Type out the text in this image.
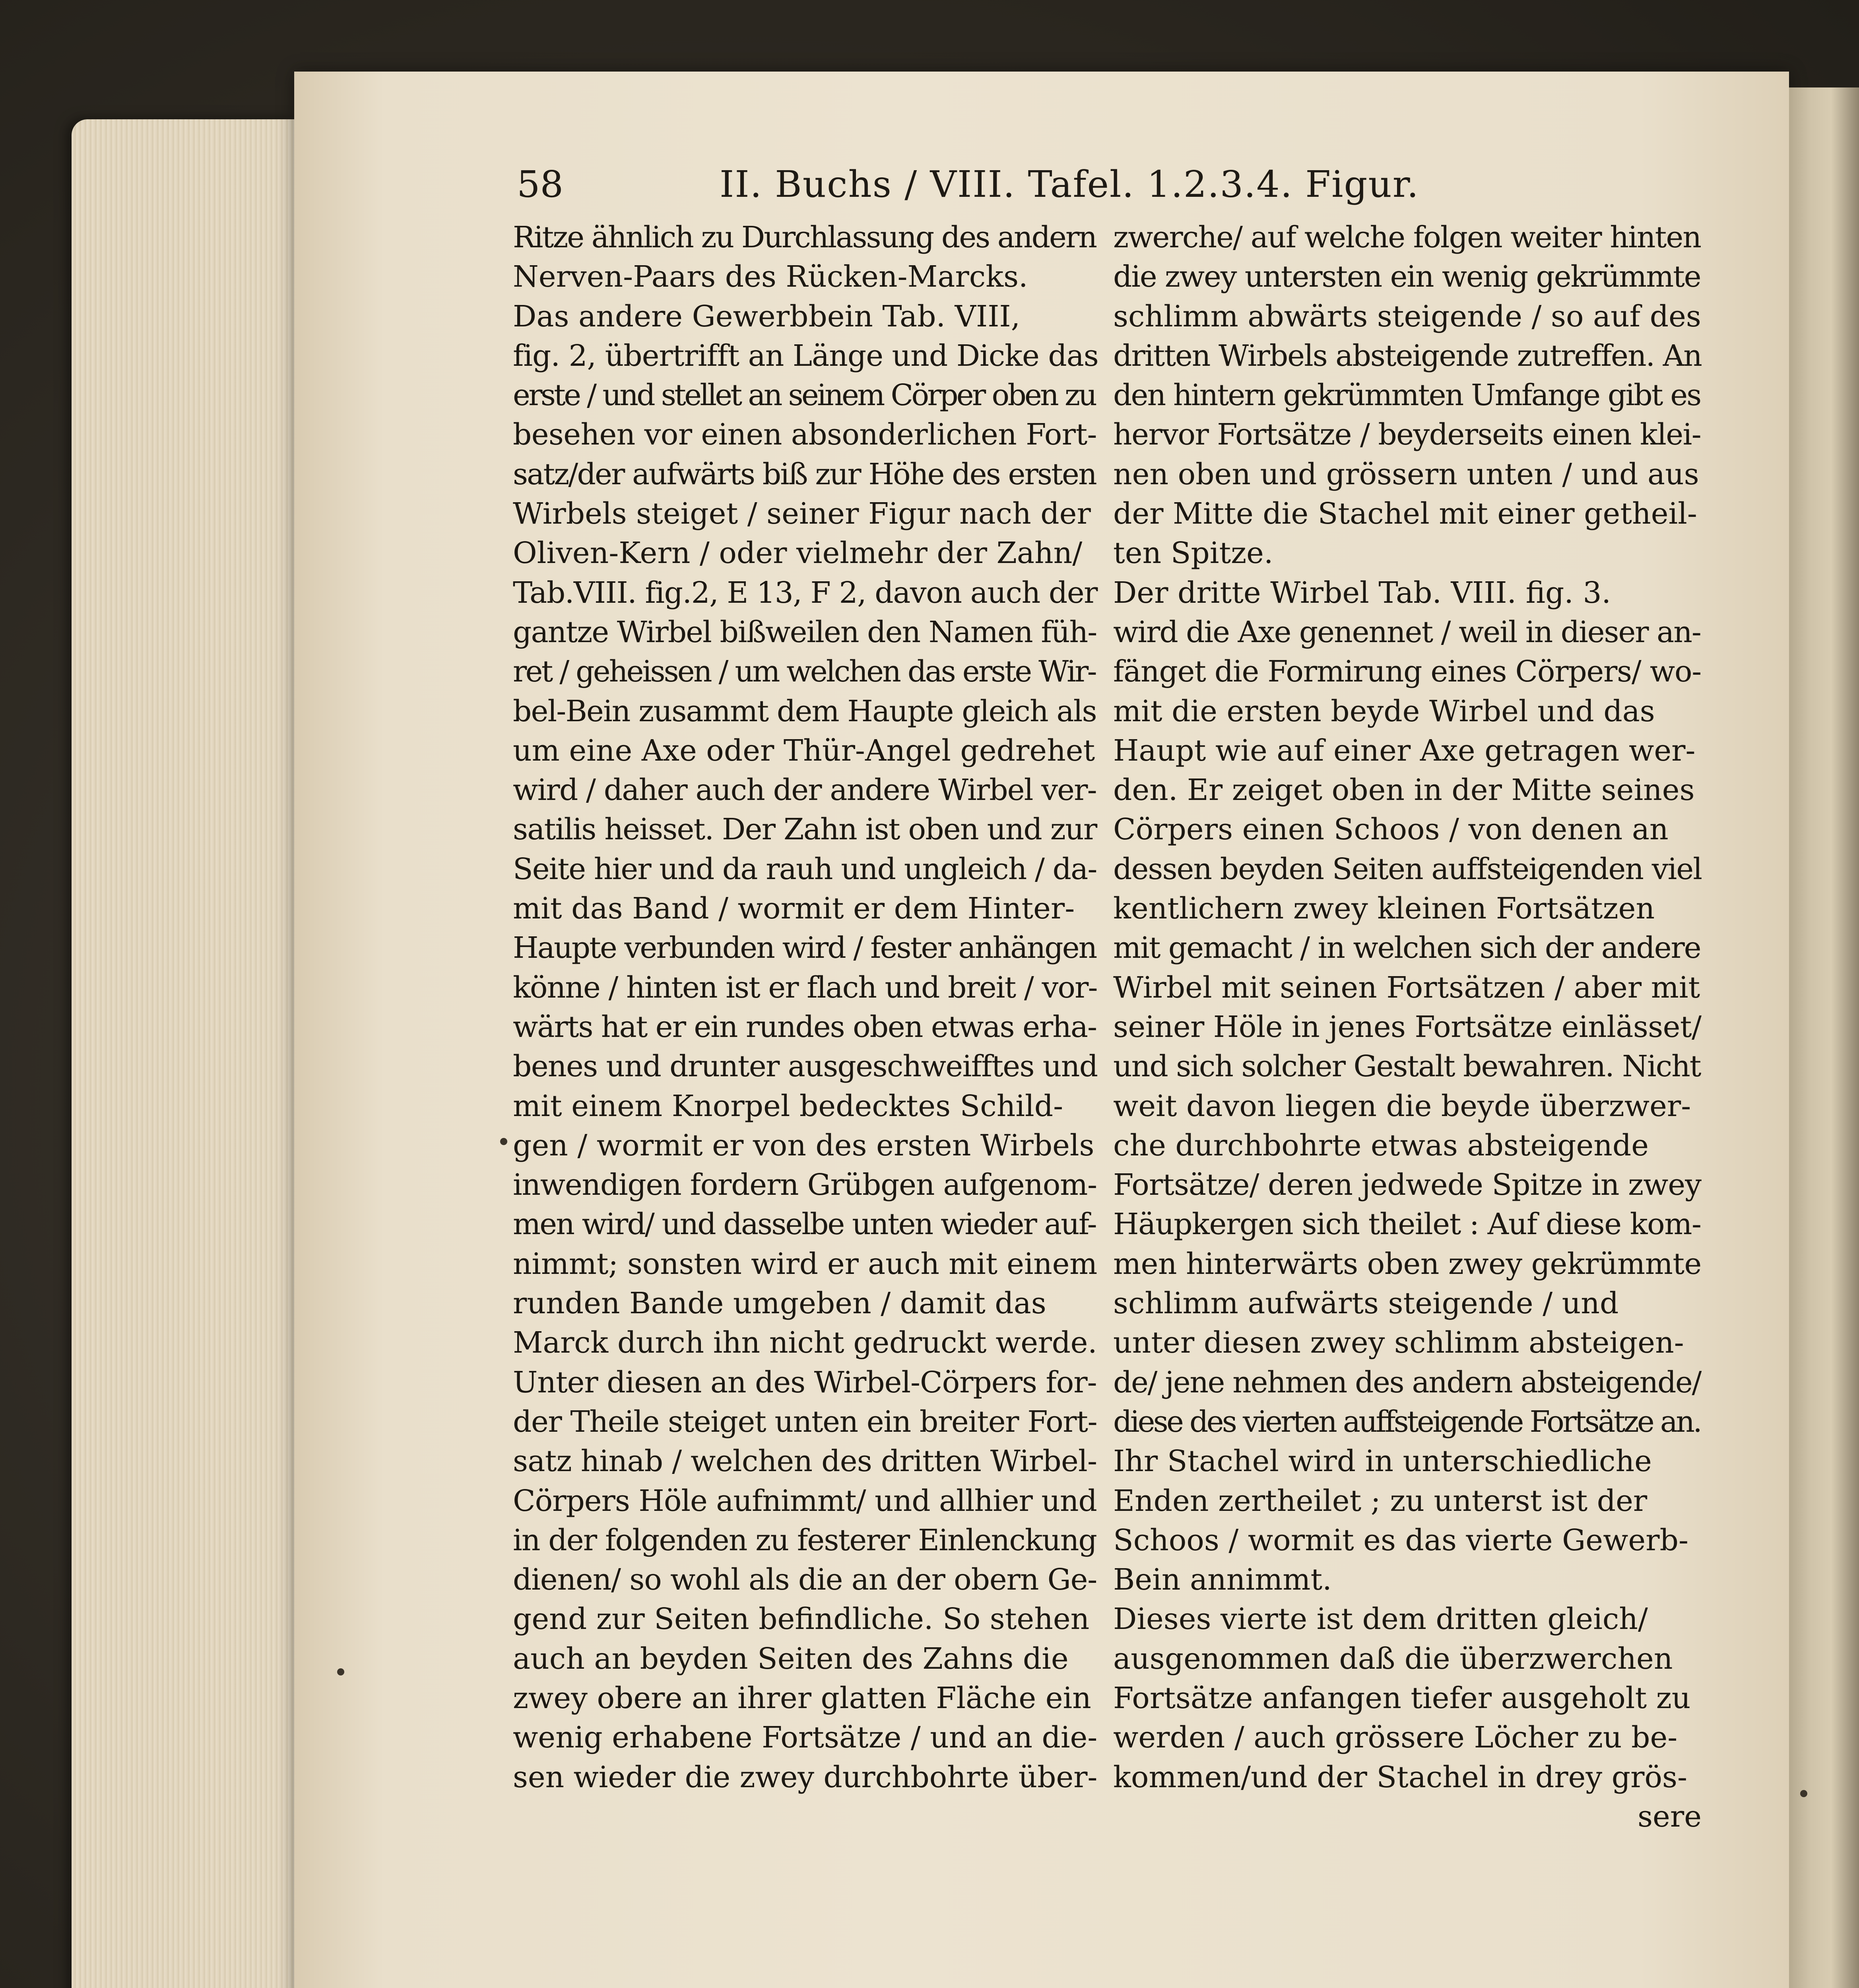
58	II. Buchs / VIII. Tafel. 1.2.3.4. Figur.
Ritze ähnlich zu Durchlassung des andern
Nerven-Paars des Rücken-Marcks.
Das andere Gewerbbein Tab. VIII,
fig. 2, übertrifft an Länge und Dicke das
erste / und stellet an seinem Cörper oben zu
besehen vor einen absonderlichen Fort-
satz/der aufwärts biß zur Höhe des ersten
Wirbels steiget / seiner Figur nach der
Oliven-Kern / oder vielmehr der Zahn/
Tab.VIII. fig.2, E 13, F 2, davon auch der
gantze Wirbel bißweilen den Namen füh-
ret / geheissen / um welchen das erste Wir-
bel-Bein zusammt dem Haupte gleich als
um eine Axe oder Thür-Angel gedrehet
wird / daher auch der andere Wirbel ver-
satilis heisset. Der Zahn ist oben und zur
Seite hier und da rauh und ungleich / da-
mit das Band / wormit er dem Hinter-
Haupte verbunden wird / fester anhängen
könne / hinten ist er flach und breit / vor-
wärts hat er ein rundes oben etwas erha-
benes und drunter ausgeschweifftes und
mit einem Knorpel bedecktes Schild-
gen / wormit er von des ersten Wirbels
inwendigen fordern Grübgen aufgenom-
men wird/ und dasselbe unten wieder auf-
nimmt; sonsten wird er auch mit einem
runden Bande umgeben / damit das
Marck durch ihn nicht gedruckt werde.
Unter diesen an des Wirbel-Cörpers for-
der Theile steiget unten ein breiter Fort-
satz hinab / welchen des dritten Wirbel-
Cörpers Höle aufnimmt/ und allhier und
in der folgenden zu festerer Einlenckung
dienen/ so wohl als die an der obern Ge-
gend zur Seiten befindliche. So stehen
auch an beyden Seiten des Zahns die
zwey obere an ihrer glatten Fläche ein
wenig erhabene Fortsätze / und an die-
sen wieder die zwey durchbohrte über-
zwerche/ auf welche folgen weiter hinten
die zwey untersten ein wenig gekrümmte
schlimm abwärts steigende / so auf des
dritten Wirbels absteigende zutreffen. An
den hintern gekrümmten Umfange gibt es
hervor Fortsätze / beyderseits einen klei-
nen oben und grössern unten / und aus
der Mitte die Stachel mit einer getheil-
ten Spitze.
Der dritte Wirbel Tab. VIII. fig. 3.
wird die Axe genennet / weil in dieser an-
fänget die Formirung eines Cörpers/ wo-
mit die ersten beyde Wirbel und das
Haupt wie auf einer Axe getragen wer-
den. Er zeiget oben in der Mitte seines
Cörpers einen Schoos / von denen an
dessen beyden Seiten auffsteigenden viel
kentlichern zwey kleinen Fortsätzen
mit gemacht / in welchen sich der andere
Wirbel mit seinen Fortsätzen / aber mit
seiner Höle in jenes Fortsätze einlässet/
und sich solcher Gestalt bewahren. Nicht
weit davon liegen die beyde überzwer-
che durchbohrte etwas absteigende
Fortsätze/ deren jedwede Spitze in zwey
Häupkergen sich theilet : Auf diese kom-
men hinterwärts oben zwey gekrümmte
schlimm aufwärts steigende / und
unter diesen zwey schlimm absteigen-
de/ jene nehmen des andern absteigende/
diese des vierten auffsteigende Fortsätze an.
Ihr Stachel wird in unterschiedliche
Enden zertheilet ; zu unterst ist der
Schoos / wormit es das vierte Gewerb-
Bein annimmt.
Dieses vierte ist dem dritten gleich/
ausgenommen daß die überzwerchen
Fortsätze anfangen tiefer ausgeholt zu
werden / auch grössere Löcher zu be-
kommen/und der Stachel in drey grös-
sere
